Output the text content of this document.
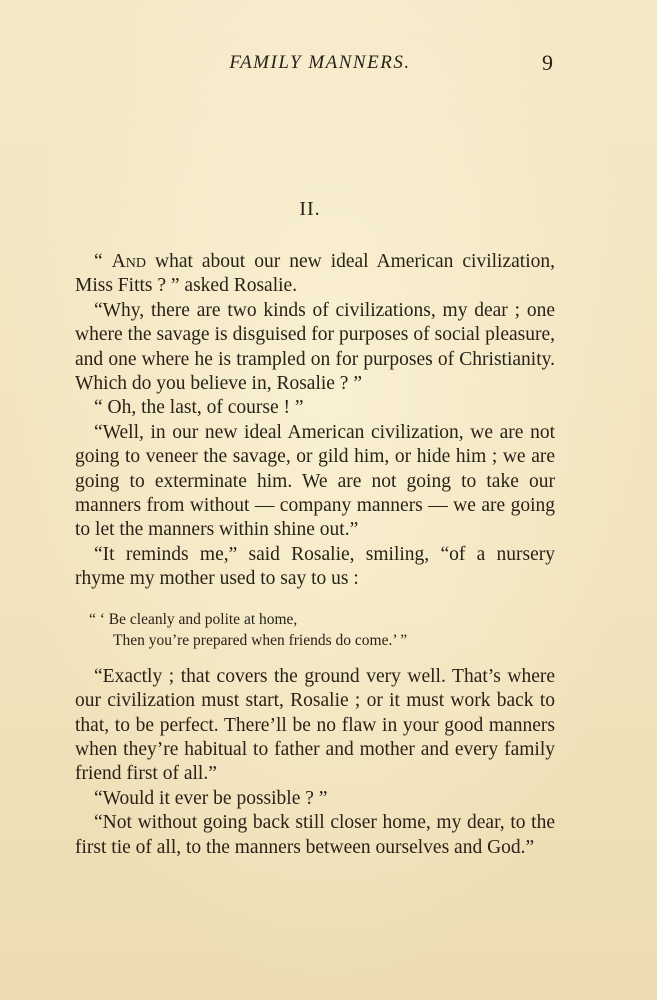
FAMILY MANNERS.	9
II.

“ And what about our new ideal American civilization, Miss Fitts ? ” asked Rosalie.

“Why, there are two kinds of civilizations, my dear ; one where the savage is disguised for purposes of social pleasure, and one where he is trampled on for purposes of Christianity. Which do you believe in, Rosalie ? ”

“ Oh, the last, of course ! ”

“Well, in our new ideal American civilization, we are not going to veneer the savage, or gild him, or hide him ; we are going to exterminate him. We are not going to take our manners from without — company manners — we are going to let the manners within shine out.”

“It reminds me,” said Rosalie, smiling, “of a nursery rhyme my mother used to say to us :

“ ‘ Be cleanly and polite at home,
Then you’re prepared when friends do come.’ ”

“Exactly ; that covers the ground very well. That’s where our civilization must start, Rosalie ; or it must work back to that, to be perfect. There’ll be no flaw in your good manners when they’re habitual to father and mother and every family friend first of all.”

“Would it ever be possible ? ”

“Not without going back still closer home, my dear, to the first tie of all, to the manners between ourselves and God.”
